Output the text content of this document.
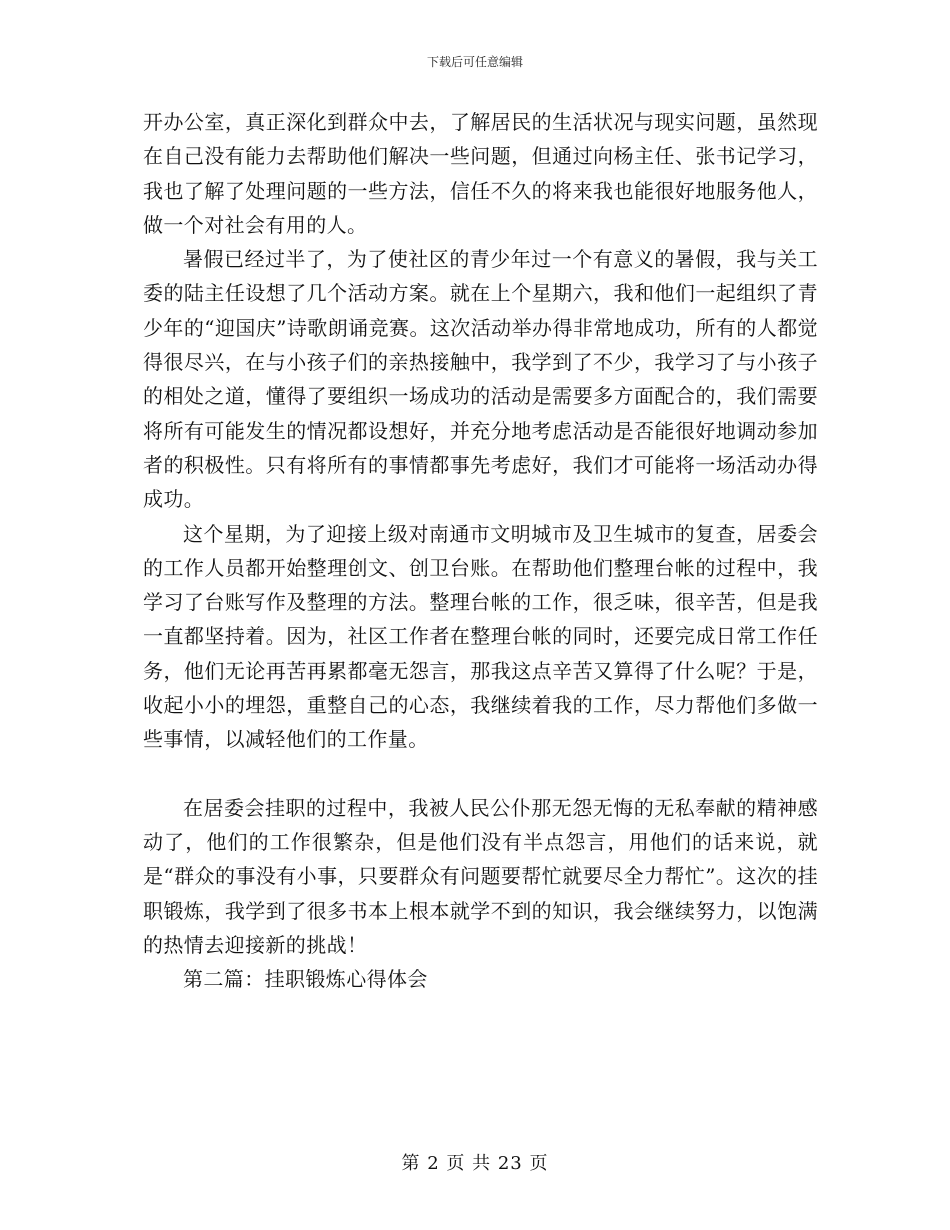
下载后可任意编辑

开办公室，真正深化到群众中去，了解居民的生活状况与现实问题，虽然现在自己没有能力去帮助他们解决一些问题，但通过向杨主任、张书记学习，我也了解了处理问题的一些方法，信任不久的将来我也能很好地服务他人，做一个对社会有用的人。

暑假已经过半了，为了使社区的青少年过一个有意义的暑假，我与关工委的陆主任设想了几个活动方案。就在上个星期六，我和他们一起组织了青少年的“迎国庆”诗歌朗诵竞赛。这次活动举办得非常地成功，所有的人都觉得很尽兴，在与小孩子们的亲热接触中，我学到了不少，我学习了与小孩子的相处之道，懂得了要组织一场成功的活动是需要多方面配合的，我们需要将所有可能发生的情况都设想好，并充分地考虑活动是否能很好地调动参加者的积极性。只有将所有的事情都事先考虑好，我们才可能将一场活动办得成功。

这个星期，为了迎接上级对南通市文明城市及卫生城市的复查，居委会的工作人员都开始整理创文、创卫台账。在帮助他们整理台帐的过程中，我学习了台账写作及整理的方法。整理台帐的工作，很乏味，很辛苦，但是我一直都坚持着。因为，社区工作者在整理台帐的同时，还要完成日常工作任务，他们无论再苦再累都毫无怨言，那我这点辛苦又算得了什么呢？于是，收起小小的埋怨，重整自己的心态，我继续着我的工作，尽力帮他们多做一些事情，以减轻他们的工作量。

在居委会挂职的过程中，我被人民公仆那无怨无悔的无私奉献的精神感动了，他们的工作很繁杂，但是他们没有半点怨言，用他们的话来说，就是“群众的事没有小事，只要群众有问题要帮忙就要尽全力帮忙”。这次的挂职锻炼，我学到了很多书本上根本就学不到的知识，我会继续努力，以饱满的热情去迎接新的挑战！

第二篇：挂职锻炼心得体会

第 2 页 共 23 页
